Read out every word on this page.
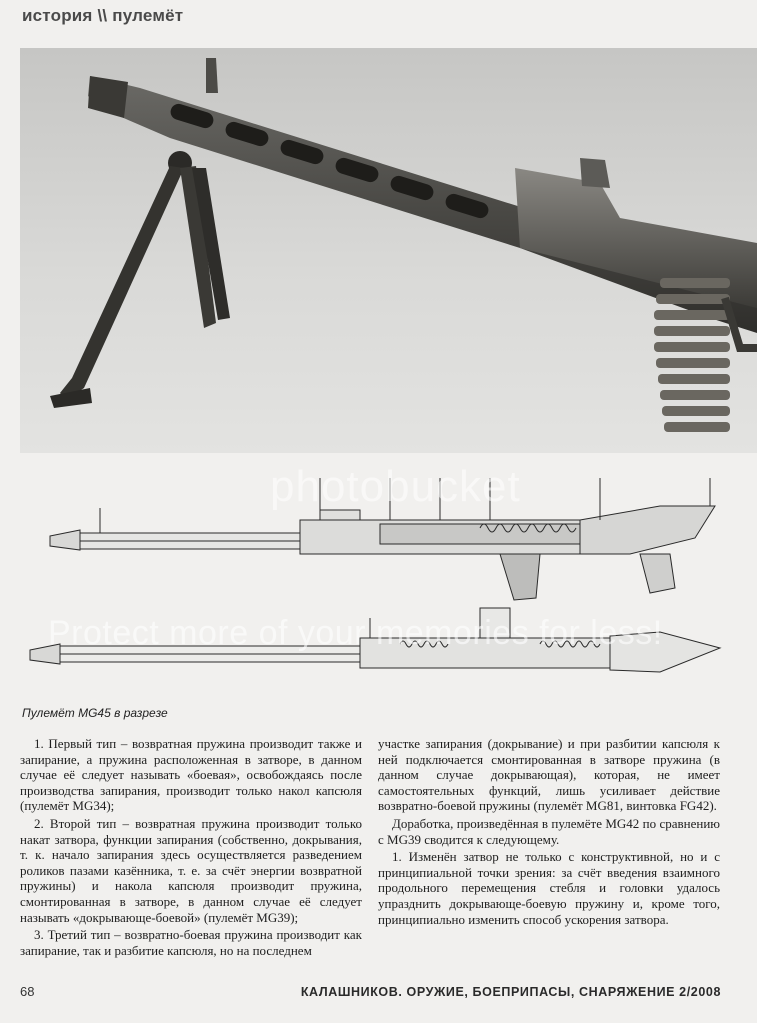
история \\ пулемёт
photobucket
Protect more of your memories for less!
Пулемёт MG45 в разрезе

1. Первый тип – возвратная пружина производит также и запирание, а пружина расположенная в затворе, в данном случае её следует называть «боевая», освобождаясь после производства запирания, производит только накол капсюля (пулемёт MG34);

2. Второй тип – возвратная пружина производит только накат затвора, функции запирания (собственно, докрывания, т. к. начало запирания здесь осуществляется разведением роликов пазами казённика, т. е. за счёт энергии возвратной пружины) и накола капсюля производит пружина, смонтированная в затворе, в данном случае её следует называть «докрывающе-боевой» (пулемёт MG39);

3. Третий тип – возвратно-боевая пружина производит как запирание, так и разбитие капсюля, но на последнем

участке запирания (докрывание) и при разбитии капсюля к ней подключается смонтированная в затворе пружина (в данном случае докрывающая), которая, не имеет самостоятельных функций, лишь усиливает действие возвратно-боевой пружины (пулемёт MG81, винтовка FG42).

Доработка, произведённая в пулемёте MG42 по сравнению с MG39 сводится к следующему.

1. Изменён затвор не только с конструктивной, но и с принципиальной точки зрения: за счёт введения взаимного продольного перемещения стебля и головки удалось упразднить докрывающе-боевую пружину и, кроме того, принципиально изменить способ ускорения затвора.

68	КАЛАШНИКОВ. ОРУЖИЕ, БОЕПРИПАСЫ, СНАРЯЖЕНИЕ 2/2008
